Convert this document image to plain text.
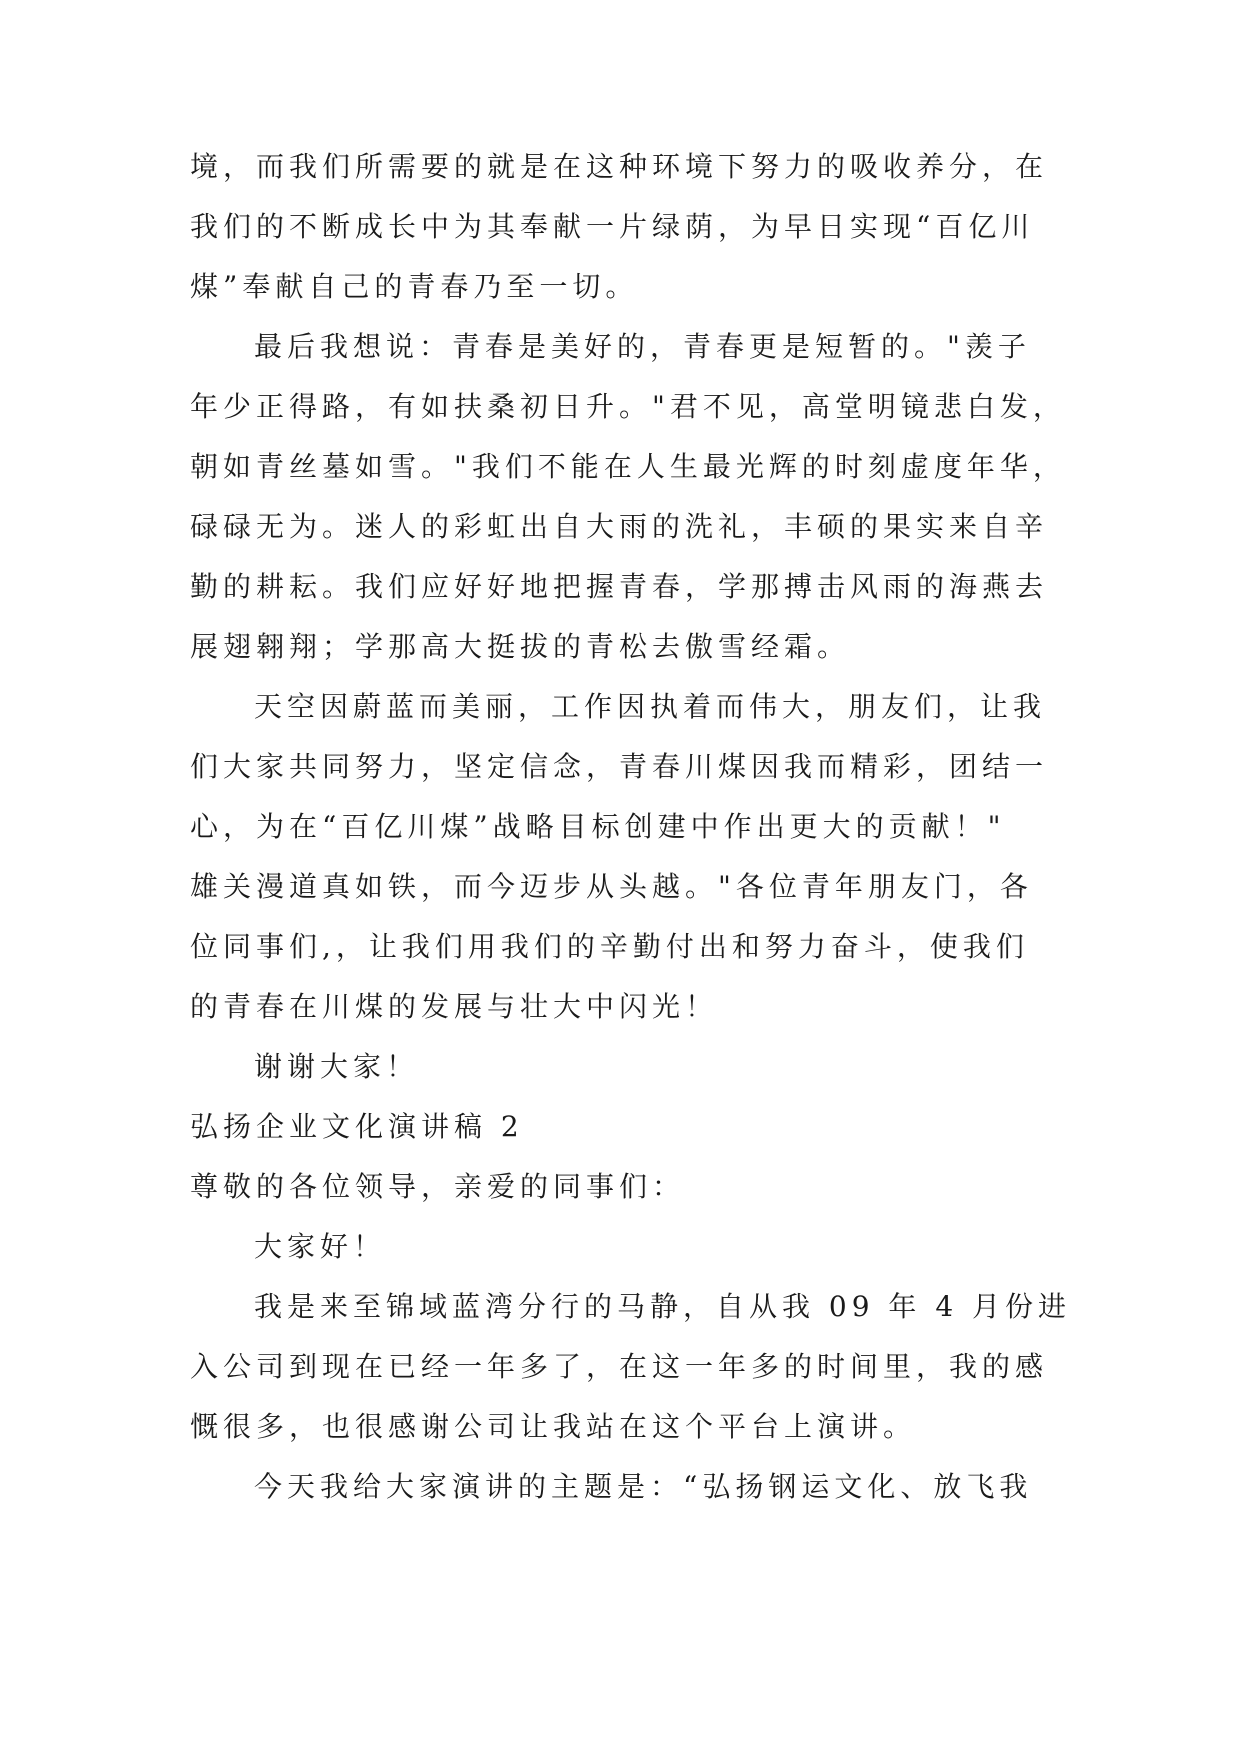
境，而我们所需要的就是在这种环境下努力的吸收养分，在
我们的不断成长中为其奉献一片绿荫，为早日实现“百亿川
煤”奉献自己的青春乃至一切。
最后我想说：青春是美好的，青春更是短暂的。"羡子
年少正得路，有如扶桑初日升。"君不见，高堂明镜悲白发，
朝如青丝墓如雪。"我们不能在人生最光辉的时刻虚度年华，
碌碌无为。迷人的彩虹出自大雨的洗礼，丰硕的果实来自辛
勤的耕耘。我们应好好地把握青春，学那搏击风雨的海燕去
展翅翱翔；学那高大挺拔的青松去傲雪经霜。
天空因蔚蓝而美丽，工作因执着而伟大，朋友们，让我
们大家共同努力，坚定信念，青春川煤因我而精彩，团结一
心，为在“百亿川煤”战略目标创建中作出更大的贡献！"
雄关漫道真如铁，而今迈步从头越。"各位青年朋友门，各
位同事们,，让我们用我们的辛勤付出和努力奋斗，使我们
的青春在川煤的发展与壮大中闪光！
谢谢大家！
弘扬企业文化演讲稿 2
尊敬的各位领导，亲爱的同事们：
大家好！
我是来至锦域蓝湾分行的马静，自从我 09 年 4 月份进
入公司到现在已经一年多了，在这一年多的时间里，我的感
慨很多，也很感谢公司让我站在这个平台上演讲。
今天我给大家演讲的主题是：“弘扬钢运文化、放飞我
